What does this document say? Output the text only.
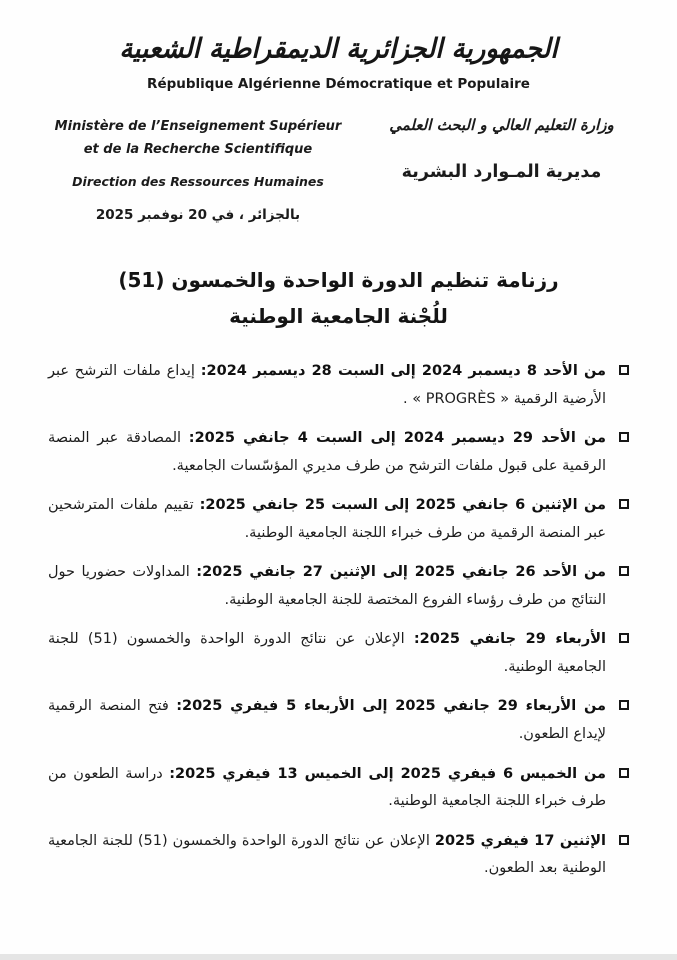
الجمهورية الجزائرية الديمقراطية الشعبية
République Algérienne Démocratique et Populaire
Ministère de l’Enseignement Supérieur
et de la Recherche Scientifique
Direction des Ressources Humaines
بالجزائر ، في 20 نوفمبر 2025
وزارة التعليم العالي و البحث العلمي
مديرية المـوارد البشرية
رزنامة تنظيم الدورة الواحدة والخمسون (51)
للُجْنة الجامعية الوطنية

من الأحد 8 ديسمبر 2024 إلى السبت 28 ديسمبر 2024: إيداع ملفات الترشح عبر الأرضية الرقمية ‎« PROGRÈS »‎ .

من الأحد 29 ديسمبر 2024 إلى السبت 4 جانفي 2025: المصادقة عبر المنصة الرقمية على قبول ملفات الترشح من طرف مديري المؤسّسات الجامعية.

من الإثنين 6 جانفي 2025 إلى السبت 25 جانفي 2025: تقييم ملفات المترشحين عبر المنصة الرقمية من طرف خبراء اللجنة الجامعية الوطنية.

من الأحد 26 جانفي 2025 إلى الإثنين 27 جانفي 2025: المداولات حضوريا حول النتائج من طرف رؤساء الفروع المختصة للجنة الجامعية الوطنية.

الأربعاء 29 جانفي 2025: الإعلان عن نتائج الدورة الواحدة والخمسون (51) للجنة الجامعية الوطنية.

من الأربعاء 29 جانفي 2025 إلى الأربعاء 5 فيفري 2025: فتح المنصة الرقمية لإيداع الطعون.

من الخميس 6 فيفري 2025 إلى الخميس 13 فيفري 2025: دراسة الطعون من طرف خبراء اللجنة الجامعية الوطنية.

الإثنين 17 فيفري 2025 الإعلان عن نتائج الدورة الواحدة والخمسون (51) للجنة الجامعية الوطنية بعد الطعون.
